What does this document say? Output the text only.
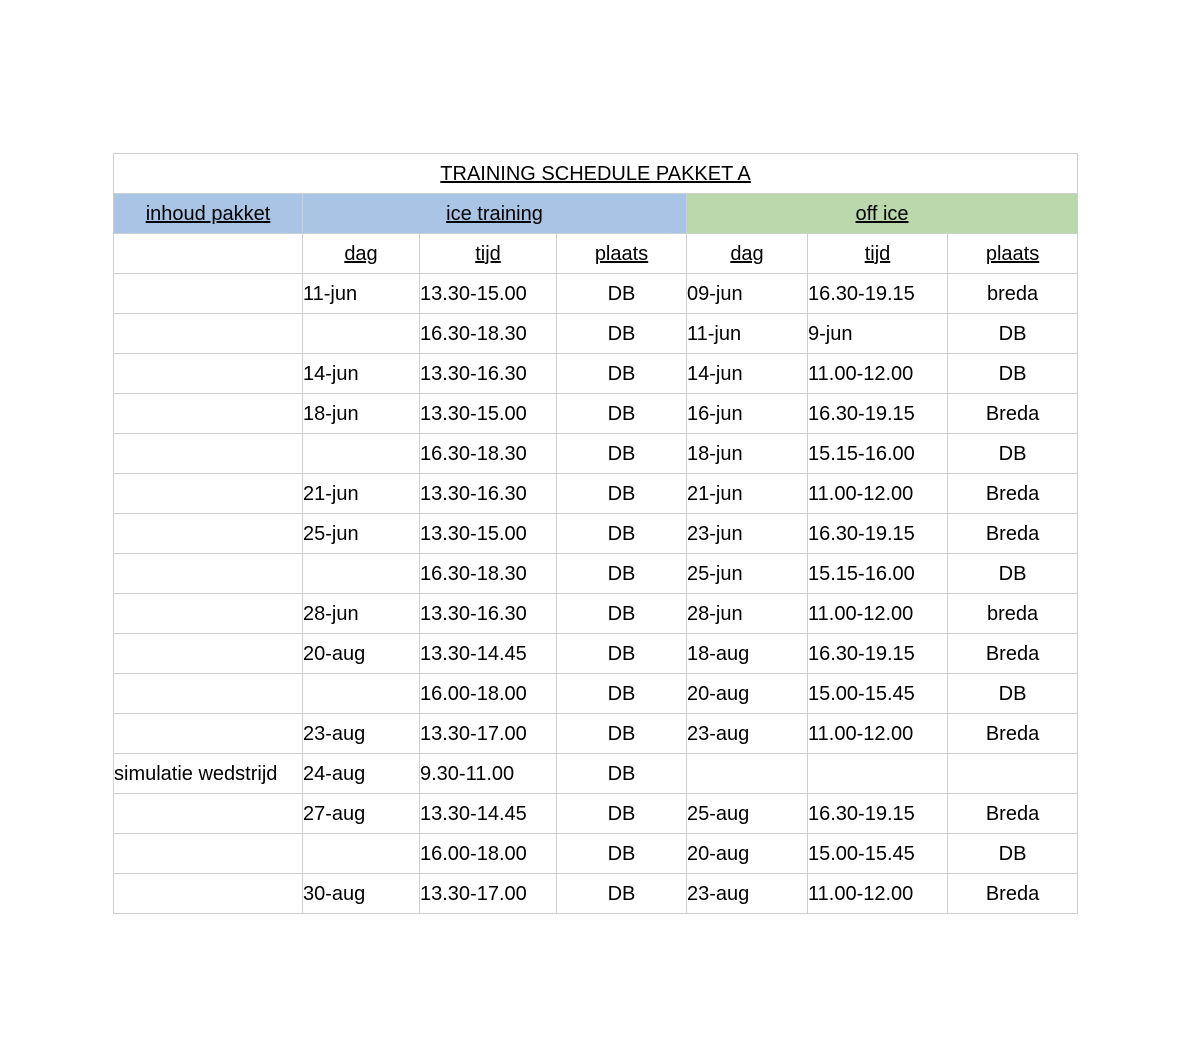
TRAINING SCHEDULE PAKKET A						
inhoud pakket	ice training			off ice		
	dag	tijd	plaats	dag	tijd	plaats
	11-jun	13.30-15.00	DB	09-jun	16.30-19.15	breda
		16.30-18.30	DB	11-jun	9-jun	DB
	14-jun	13.30-16.30	DB	14-jun	11.00-12.00	DB
	18-jun	13.30-15.00	DB	16-jun	16.30-19.15	Breda
		16.30-18.30	DB	18-jun	15.15-16.00	DB
	21-jun	13.30-16.30	DB	21-jun	11.00-12.00	Breda
	25-jun	13.30-15.00	DB	23-jun	16.30-19.15	Breda
		16.30-18.30	DB	25-jun	15.15-16.00	DB
	28-jun	13.30-16.30	DB	28-jun	11.00-12.00	breda
	20-aug	13.30-14.45	DB	18-aug	16.30-19.15	Breda
		16.00-18.00	DB	20-aug	15.00-15.45	DB
	23-aug	13.30-17.00	DB	23-aug	11.00-12.00	Breda
simulatie wedstrijd	24-aug	9.30-11.00	DB			
	27-aug	13.30-14.45	DB	25-aug	16.30-19.15	Breda
		16.00-18.00	DB	20-aug	15.00-15.45	DB
	30-aug	13.30-17.00	DB	23-aug	11.00-12.00	Breda
